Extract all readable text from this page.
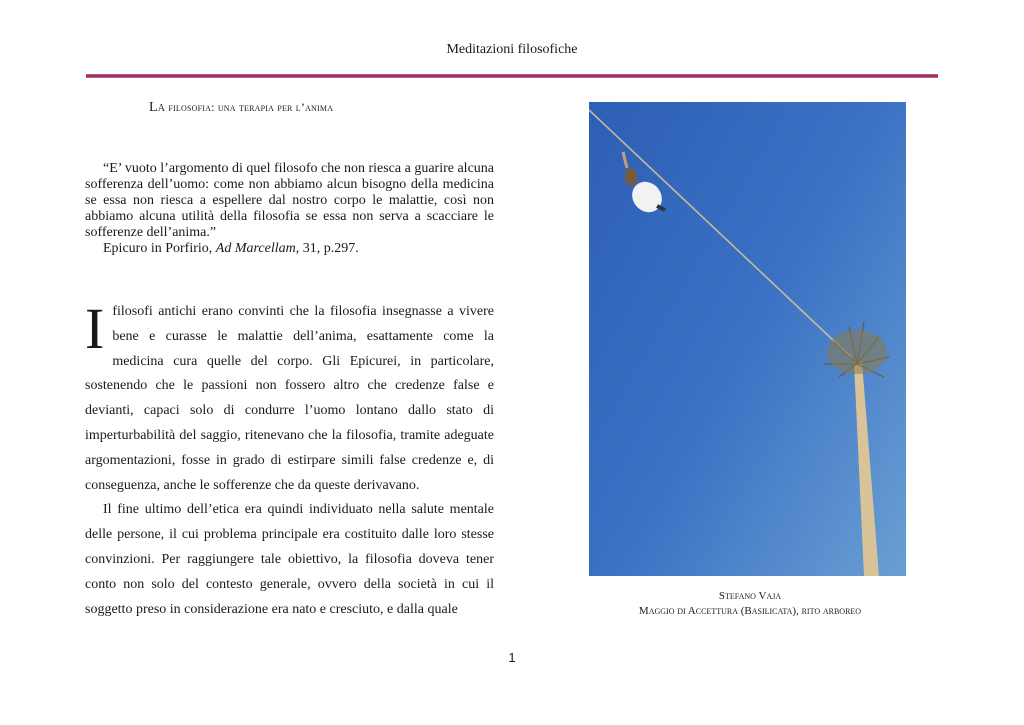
Meditazioni filosofiche
La filosofia: una terapia per l’anima

“E’ vuoto l’argomento di quel filosofo che non riesca a guarire alcuna sofferenza dell’uomo: come non abbiamo alcun bisogno della medicina se essa non riesca a espellere dal nostro corpo le malattie, così non abbiamo alcuna utilità della filosofia se essa non serva a scacciare le sofferenze dell’anima.”

Epicuro in Porfirio, Ad Marcellam, 31, p.297.

Ifilosofi antichi erano convinti che la filosofia insegnasse a vivere bene e curasse le malattie dell’anima, esattamente come la medicina cura quelle del corpo. Gli Epicurei, in particolare, sostenendo che le passioni non fossero altro che credenze false e devianti, capaci solo di condurre l’uomo lontano dallo stato di imperturbabilità del saggio, ritenevano che la filosofia, tramite adeguate argomentazioni, fosse in grado di estirpare simili false credenze e, di conseguenza, anche le sofferenze che da queste derivavano.

Il fine ultimo dell’etica era quindi individuato nella salute mentale delle persone, il cui problema principale era costituito dalle loro stesse convinzioni. Per raggiungere tale obiettivo, la filosofia doveva tener conto non solo del contesto generale, ovvero della società in cui il soggetto preso in considerazione era nato e cresciuto, e dalla quale

Stefano Vaja
Maggio di Accettura (Basilicata), rito arboreo
1
